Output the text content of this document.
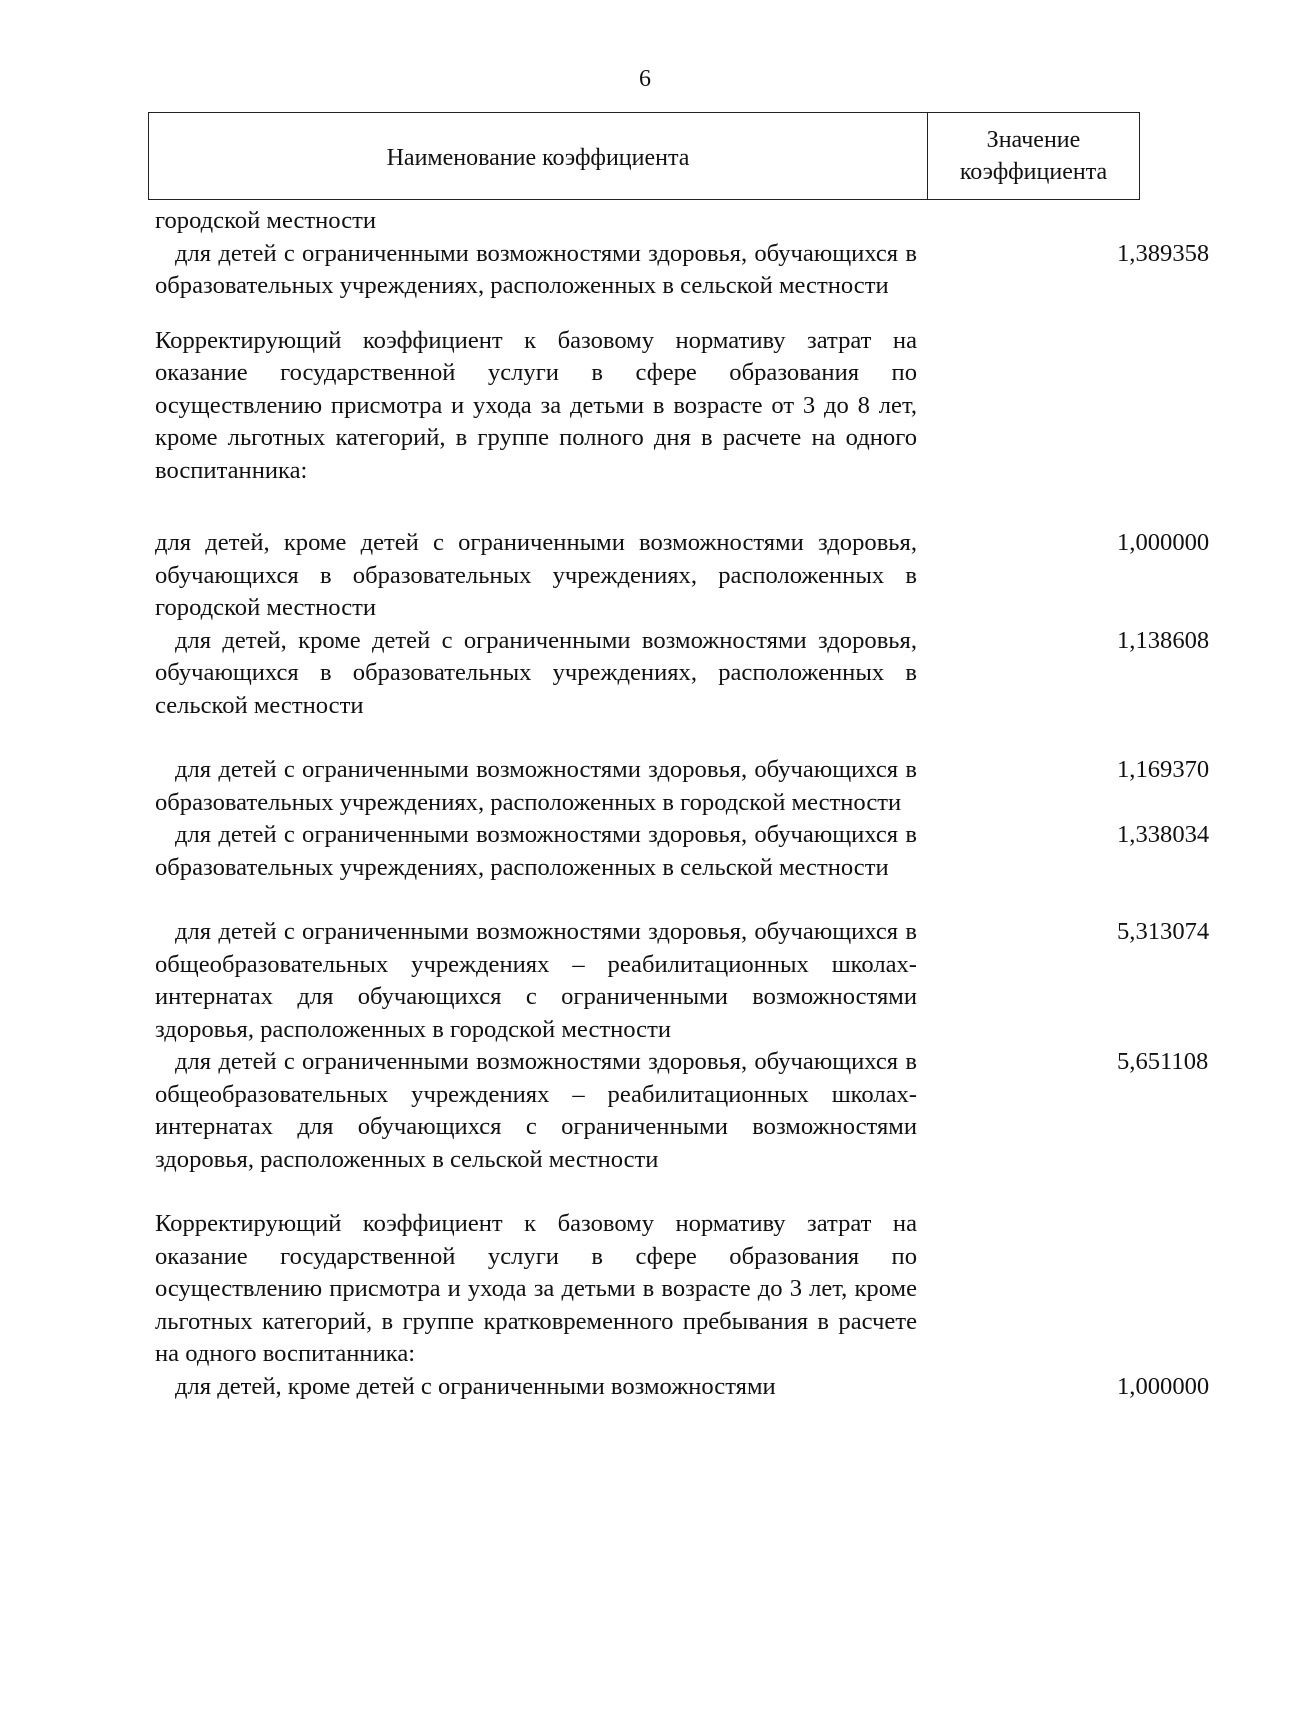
6
Наименование коэффициента
Значение
коэффициента
городской местности
для детей с ограниченными возможностями здоровья, обучающихся в образовательных учреждениях, расположенных в сельской местности
1,389358
Корректирующий коэффициент к базовому нормативу затрат на оказание государственной услуги в сфере образования по осуществлению присмотра и ухода за детьми в возрасте от 3 до 8 лет, кроме льготных категорий, в группе полного дня в расчете на одного воспитанника:
для детей, кроме детей с ограниченными возможностями здоровья, обучающихся в образовательных учреждениях, расположенных в городской местности
1,000000
для детей, кроме детей с ограниченными возможностями здоровья, обучающихся в образовательных учреждениях, расположенных в сельской местности
1,138608
для детей с ограниченными возможностями здоровья, обучающихся в образовательных учреждениях, расположенных в городской местности
1,169370
для детей с ограниченными возможностями здоровья, обучающихся в образовательных учреждениях, расположенных в сельской местности
1,338034
для детей с ограниченными возможностями здоровья, обучающихся в общеобразовательных учреждениях – реабилитационных школах-интернатах для обучающихся с ограниченными возможностями здоровья, расположенных в городской местности
5,313074
для детей с ограниченными возможностями здоровья, обучающихся в общеобразовательных учреждениях – реабилитационных школах-интернатах для обучающихся с ограниченными возможностями здоровья, расположенных в сельской местности
5,651108
Корректирующий коэффициент к базовому нормативу затрат на оказание государственной услуги в сфере образования по осуществлению присмотра и ухода за детьми в возрасте до 3 лет, кроме льготных категорий, в группе кратковременного пребывания в расчете на одного воспитанника:
для детей, кроме детей с ограниченными возможностями	1,000000
